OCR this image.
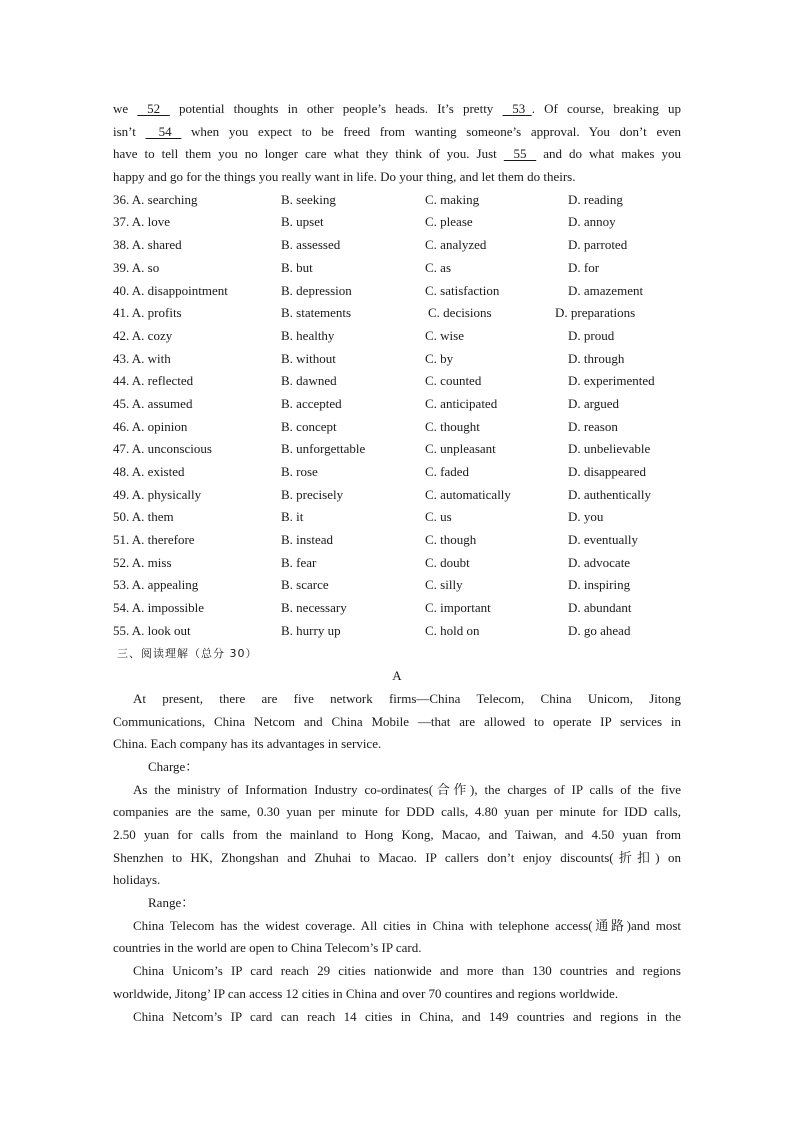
we    52    potential thoughts in other people’s heads. It’s pretty    53 . Of course, breaking up
isn’t     54    when you expect to be freed from wanting someone’s approval. You don’t even
have to tell them you no longer care what they think of you. Just    55    and do what makes you
happy and go for the things you really want in life. Do your thing, and let them do theirs.
36. A. searching	B. seeking	C. making	D. reading
37. A. love	B. upset	C. please	D. annoy
38. A. shared	B. assessed	C. analyzed	D. parroted
39. A. so	B. but	C. as	D. for
40. A. disappointment	B. depression	C. satisfaction	D. amazement
41. A. profits	B. statements	C. decisions	D. preparations
42. A. cozy	B. healthy	C. wise	D. proud
43. A. with	B. without	C. by	D. through
44. A. reflected	B. dawned	C. counted	D. experimented
45. A. assumed	B. accepted	C. anticipated	D. argued
46. A. opinion	B. concept	C. thought	D. reason
47. A. unconscious	B. unforgettable	C. unpleasant	D. unbelievable
48. A. existed	B. rose	C. faded	D. disappeared
49. A. physically	B. precisely	C. automatically	D. authentically
50. A. them	B. it	C. us	D. you
51. A. therefore	B. instead	C. though	D. eventually
52. A. miss	B. fear	C. doubt	D. advocate
53. A. appealing	B. scarce	C. silly	D. inspiring
54. A. impossible	B. necessary	C. important	D. abundant
55. A. look out	B. hurry up	C. hold on	D. go ahead
三、阅读理解（总分 30）
A
At present, there are five network firms—China Telecom, China Unicom, Jitong
Communications, China Netcom and China Mobile —that are allowed to operate IP services in
China. Each company has its advantages in service.
Charge：
As the ministry of Information Industry co-ordinates(合作), the charges of IP calls of the five
companies are the same, 0.30 yuan per minute for DDD calls, 4.80 yuan per minute for IDD calls,
2.50 yuan for calls from the mainland to Hong Kong, Macao, and Taiwan, and 4.50 yuan from
Shenzhen to HK, Zhongshan and Zhuhai to Macao. IP callers don’t enjoy discounts(折扣) on
holidays.
Range：
China Telecom has the widest coverage. All cities in China with telephone access(通路)and most
countries in the world are open to China Telecom’s IP card.
China Unicom’s IP card reach 29 cities nationwide and more than 130 countries and regions
worldwide, Jitong’ IP can access 12 cities in China and over 70 countires and regions worldwide.
China Netcom’s IP card can reach 14 cities in China, and 149 countries and regions in the
